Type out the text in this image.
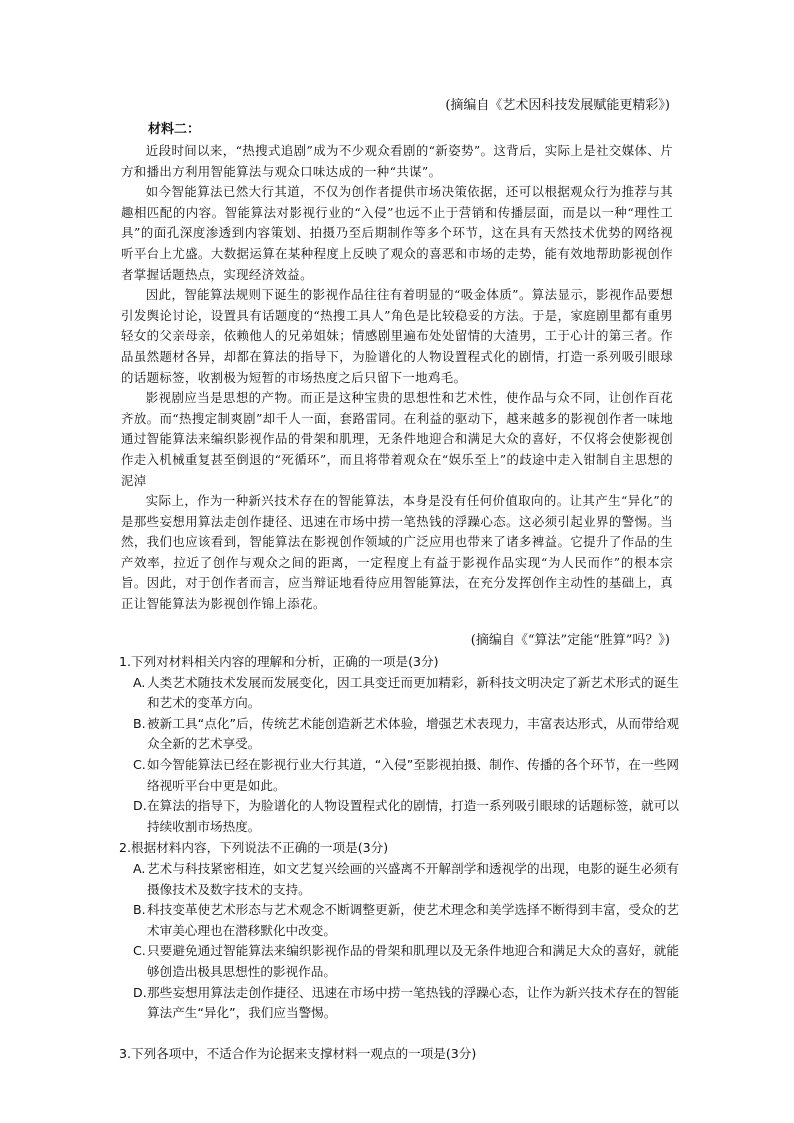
(摘编自《艺术因科技发展赋能更精彩》)
材料二：

近段时间以来，“热搜式追剧”成为不少观众看剧的“新姿势”。这背后，实际上是社交媒体、片方和播出方利用智能算法与观众口味达成的一种“共谋”。

如今智能算法已然大行其道，不仅为创作者提供市场决策依据，还可以根据观众行为推荐与其趣相匹配的内容。智能算法对影视行业的“入侵”也远不止于营销和传播层面，而是以一种“理性工具”的面孔深度渗透到内容策划、拍摄乃至后期制作等多个环节，这在具有天然技术优势的网络视听平台上尤盛。大数据运算在某种程度上反映了观众的喜恶和市场的走势，能有效地帮助影视创作者掌握话题热点，实现经济效益。

因此，智能算法规则下诞生的影视作品往往有着明显的“吸金体质”。算法显示，影视作品要想引发舆论讨论，设置具有话题度的“热搜工具人”角色是比较稳妥的方法。于是，家庭剧里都有重男轻女的父亲母亲，依赖他人的兄弟姐妹；情感剧里遍布处处留情的大渣男，工于心计的第三者。作品虽然题材各异，却都在算法的指导下，为脸谱化的人物设置程式化的剧情，打造一系列吸引眼球的话题标签，收割极为短暂的市场热度之后只留下一地鸡毛。

影视剧应当是思想的产物。而正是这种宝贵的思想性和艺术性，使作品与众不同，让创作百花齐放。而“热搜定制爽剧”却千人一面，套路雷同。在利益的驱动下，越来越多的影视创作者一味地通过智能算法来编织影视作品的骨架和肌理，无条件地迎合和满足大众的喜好，不仅将会使影视创作走入机械重复甚至倒退的“死循环”，而且将带着观众在“娱乐至上”的歧途中走入钳制自主思想的泥淖

实际上，作为一种新兴技术存在的智能算法，本身是没有任何价值取向的。让其产生“异化”的是那些妄想用算法走创作捷径、迅速在市场中捞一笔热钱的浮躁心态。这必须引起业界的警惕。当然，我们也应该看到，智能算法在影视创作领域的广泛应用也带来了诸多裨益。它提升了作品的生产效率，拉近了创作与观众之间的距离，一定程度上有益于影视作品实现“为人民而作”的根本宗旨。因此，对于创作者而言，应当辩证地看待应用智能算法，在充分发挥创作主动性的基础上，真正让智能算法为影视创作锦上添花。

(摘编自《“算法”定能“胜算”吗？》)
1.下列对材料相关内容的理解和分析，正确的一项是(3分)
A. 人类艺术随技术发展而发展变化，因工具变迁而更加精彩，新科技文明决定了新艺术形式的诞生和艺术的变革方向。
B. 被新工具“点化”后，传统艺术能创造新艺术体验，增强艺术表现力，丰富表达形式，从而带给观众全新的艺术享受。
C. 如今智能算法已经在影视行业大行其道，“入侵”至影视拍摄、制作、传播的各个环节，在一些网络视听平台中更是如此。
D. 在算法的指导下，为脸谱化的人物设置程式化的剧情，打造一系列吸引眼球的话题标签，就可以持续收割市场热度。
2.根据材料内容，下列说法不正确的一项是(3分)
A. 艺术与科技紧密相连，如文艺复兴绘画的兴盛离不开解剖学和透视学的出现，电影的诞生必须有摄像技术及数字技术的支持。
B. 科技变革使艺术形态与艺术观念不断调整更新，使艺术理念和美学选择不断得到丰富，受众的艺术审美心理也在潜移默化中改变。
C. 只要避免通过智能算法来编织影视作品的骨架和肌理以及无条件地迎合和满足大众的喜好，就能够创造出极具思想性的影视作品。
D. 那些妄想用算法走创作捷径、迅速在市场中捞一笔热钱的浮躁心态，让作为新兴技术存在的智能算法产生“异化”，我们应当警惕。
3.下列各项中，不适合作为论据来支撑材料一观点的一项是(3分)
